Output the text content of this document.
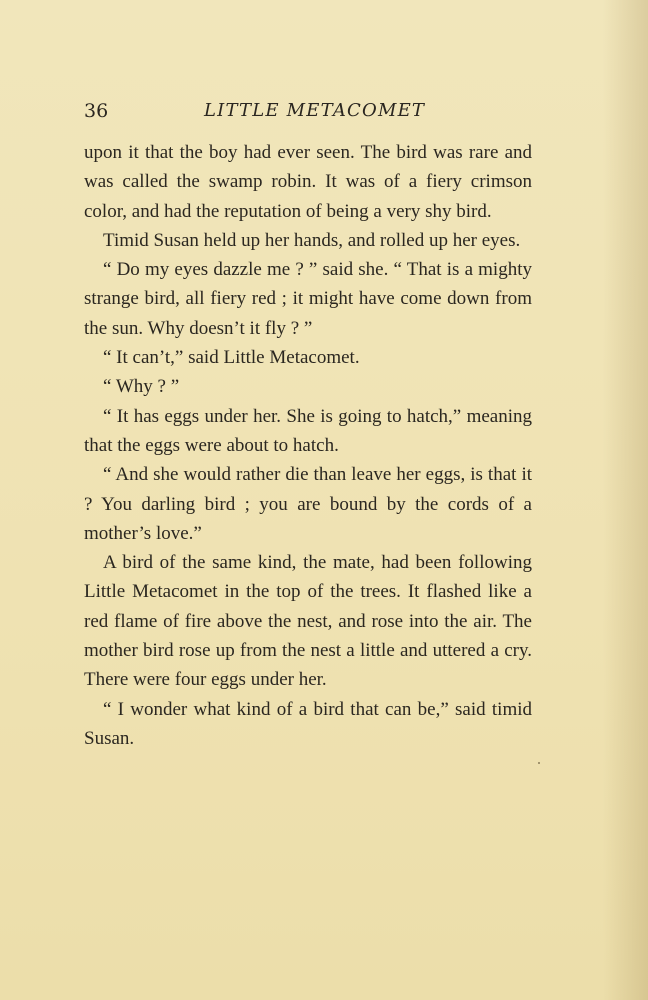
36	LITTLE METACOMET

upon it that the boy had ever seen. The bird was rare and was called the swamp robin. It was of a fiery crimson color, and had the reputation of being a very shy bird.

Timid Susan held up her hands, and rolled up her eyes.

“ Do my eyes dazzle me ? ” said she. “ That is a mighty strange bird, all fiery red ; it might have come down from the sun. Why doesn’t it fly ? ”

“ It can’t,” said Little Metacomet.

“ Why ? ”

“ It has eggs under her. She is going to hatch,” meaning that the eggs were about to hatch.

“ And she would rather die than leave her eggs, is that it ? You darling bird ; you are bound by the cords of a mother’s love.”

A bird of the same kind, the mate, had been following Little Metacomet in the top of the trees. It flashed like a red flame of fire above the nest, and rose into the air. The mother bird rose up from the nest a little and uttered a cry. There were four eggs under her.

“ I wonder what kind of a bird that can be,” said timid Susan.
